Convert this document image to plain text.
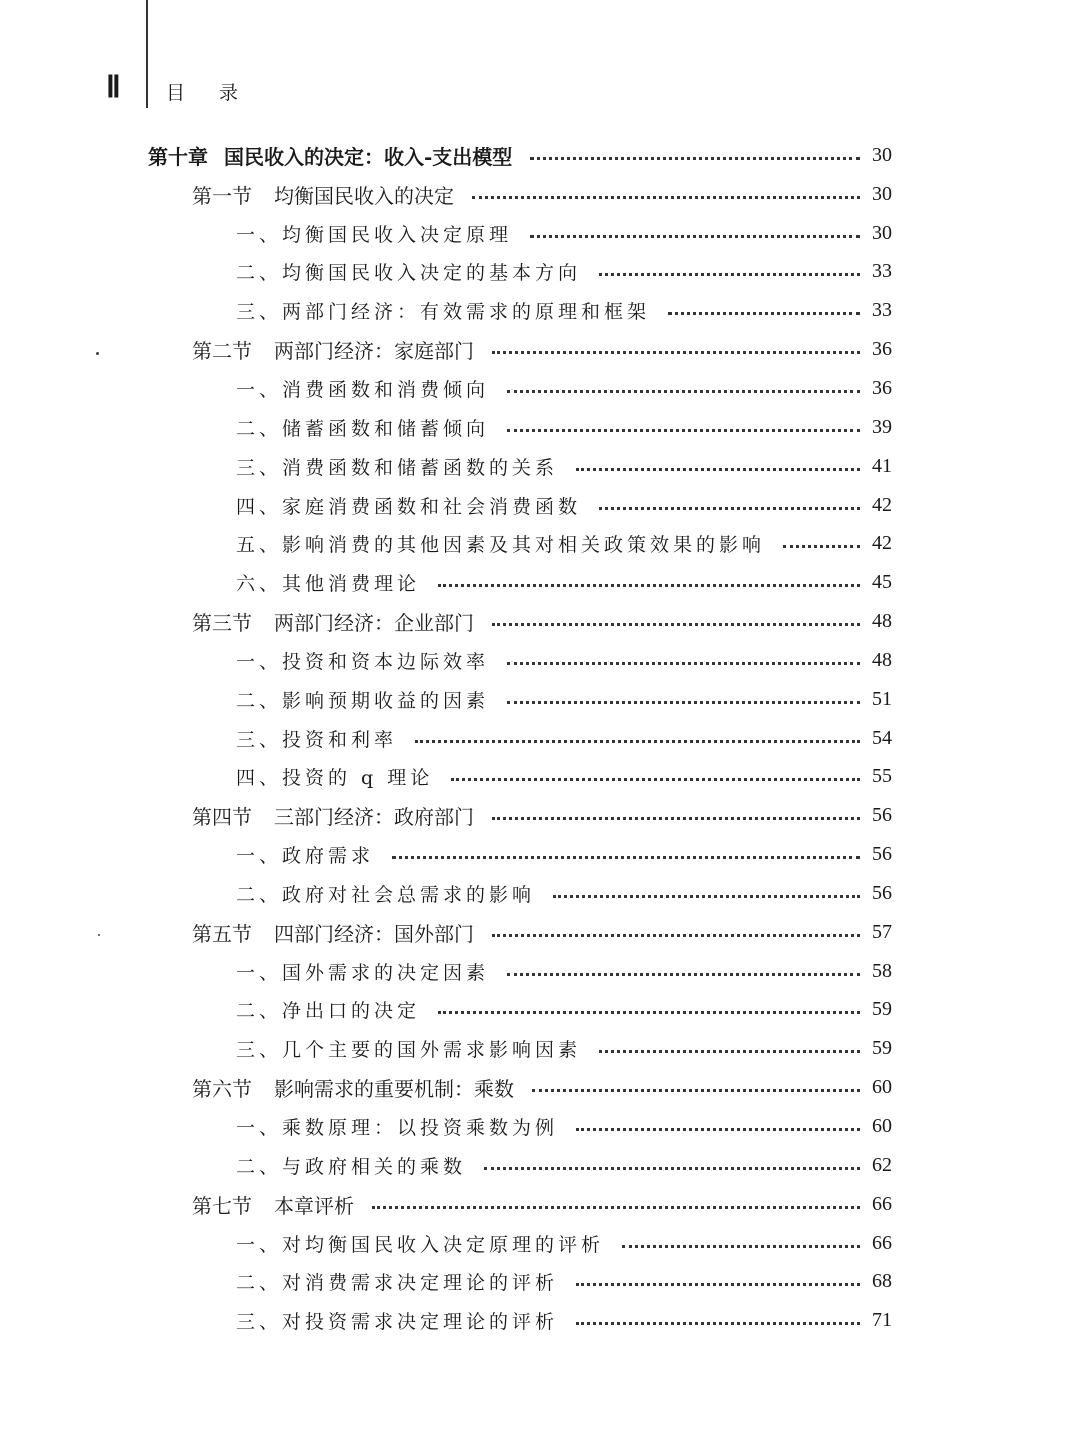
Ⅱ 目 录
第十章 国民收入的决定：收入-支出模型	30
第一节 均衡国民收入的决定	30
一、均衡国民收入决定原理	30
二、均衡国民收入决定的基本方向	33
三、两部门经济：有效需求的原理和框架	33
第二节 两部门经济：家庭部门	36
一、消费函数和消费倾向	36
二、储蓄函数和储蓄倾向	39
三、消费函数和储蓄函数的关系	41
四、家庭消费函数和社会消费函数	42
五、影响消费的其他因素及其对相关政策效果的影响	42
六、其他消费理论	45
第三节 两部门经济：企业部门	48
一、投资和资本边际效率	48
二、影响预期收益的因素	51
三、投资和利率	54
四、投资的 q 理论	55
第四节 三部门经济：政府部门	56
一、政府需求	56
二、政府对社会总需求的影响	56
第五节 四部门经济：国外部门	57
一、国外需求的决定因素	58
二、净出口的决定	59
三、几个主要的国外需求影响因素	59
第六节 影响需求的重要机制：乘数	60
一、乘数原理：以投资乘数为例	60
二、与政府相关的乘数	62
第七节 本章评析	66
一、对均衡国民收入决定原理的评析	66
二、对消费需求决定理论的评析	68
三、对投资需求决定理论的评析	71
